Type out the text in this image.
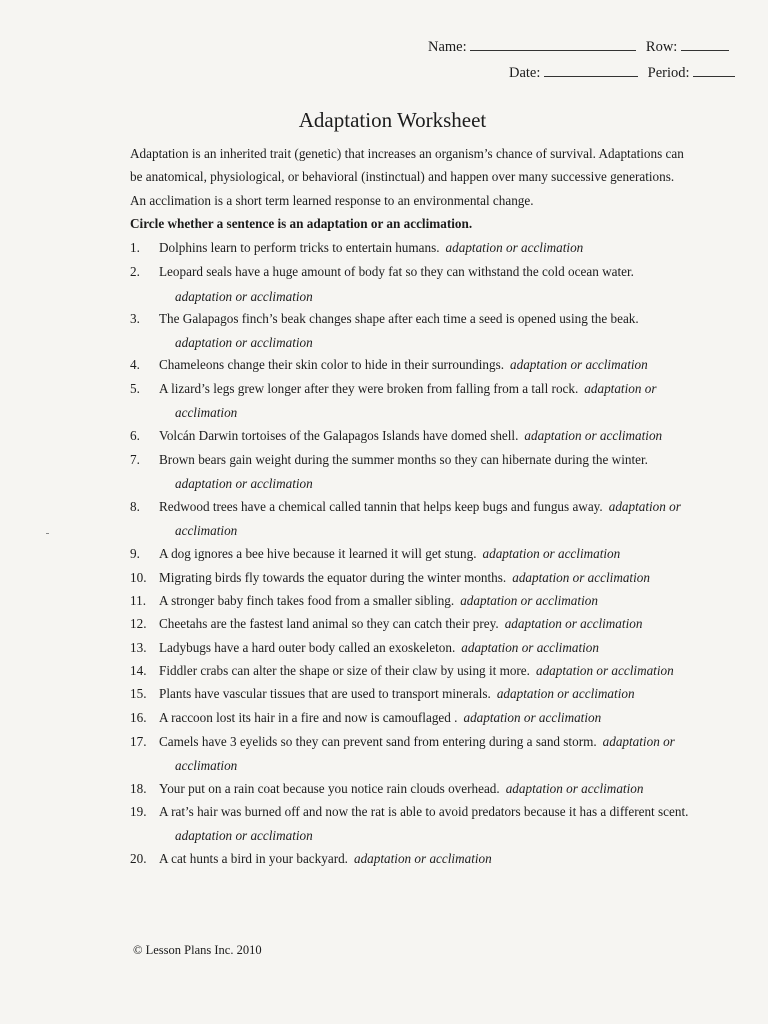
Name:	Row:
Date:	Period:
Adaptation Worksheet
Adaptation is an inherited trait (genetic) that increases an organism’s chance of survival. Adaptations can
be anatomical, physiological, or behavioral (instinctual) and happen over many successive generations.
An acclimation is a short term learned response to an environmental change.
Circle whether a sentence is an adaptation or an acclimation.
1. Dolphins learn to perform tricks to entertain humans. adaptation or acclimation
2. Leopard seals have a huge amount of body fat so they can withstand the cold ocean water.
adaptation or acclimation
3. The Galapagos finch’s beak changes shape after each time a seed is opened using the beak.
adaptation or acclimation
4. Chameleons change their skin color to hide in their surroundings. adaptation or acclimation
5. A lizard’s legs grew longer after they were broken from falling from a tall rock. adaptation or
acclimation
6. Volcán Darwin tortoises of the Galapagos Islands have domed shell. adaptation or acclimation
7. Brown bears gain weight during the summer months so they can hibernate during the winter.
adaptation or acclimation
8. Redwood trees have a chemical called tannin that helps keep bugs and fungus away. adaptation or
acclimation
9. A dog ignores a bee hive because it learned it will get stung. adaptation or acclimation
10. Migrating birds fly towards the equator during the winter months. adaptation or acclimation
11. A stronger baby finch takes food from a smaller sibling. adaptation or acclimation
12. Cheetahs are the fastest land animal so they can catch their prey. adaptation or acclimation
13. Ladybugs have a hard outer body called an exoskeleton. adaptation or acclimation
14. Fiddler crabs can alter the shape or size of their claw by using it more. adaptation or acclimation
15. Plants have vascular tissues that are used to transport minerals. adaptation or acclimation
16. A raccoon lost its hair in a fire and now is camouflaged . adaptation or acclimation
17. Camels have 3 eyelids so they can prevent sand from entering during a sand storm. adaptation or
acclimation
18. Your put on a rain coat because you notice rain clouds overhead. adaptation or acclimation
19. A rat’s hair was burned off and now the rat is able to avoid predators because it has a different scent.
adaptation or acclimation
20. A cat hunts a bird in your backyard. adaptation or acclimation
© Lesson Plans Inc. 2010
